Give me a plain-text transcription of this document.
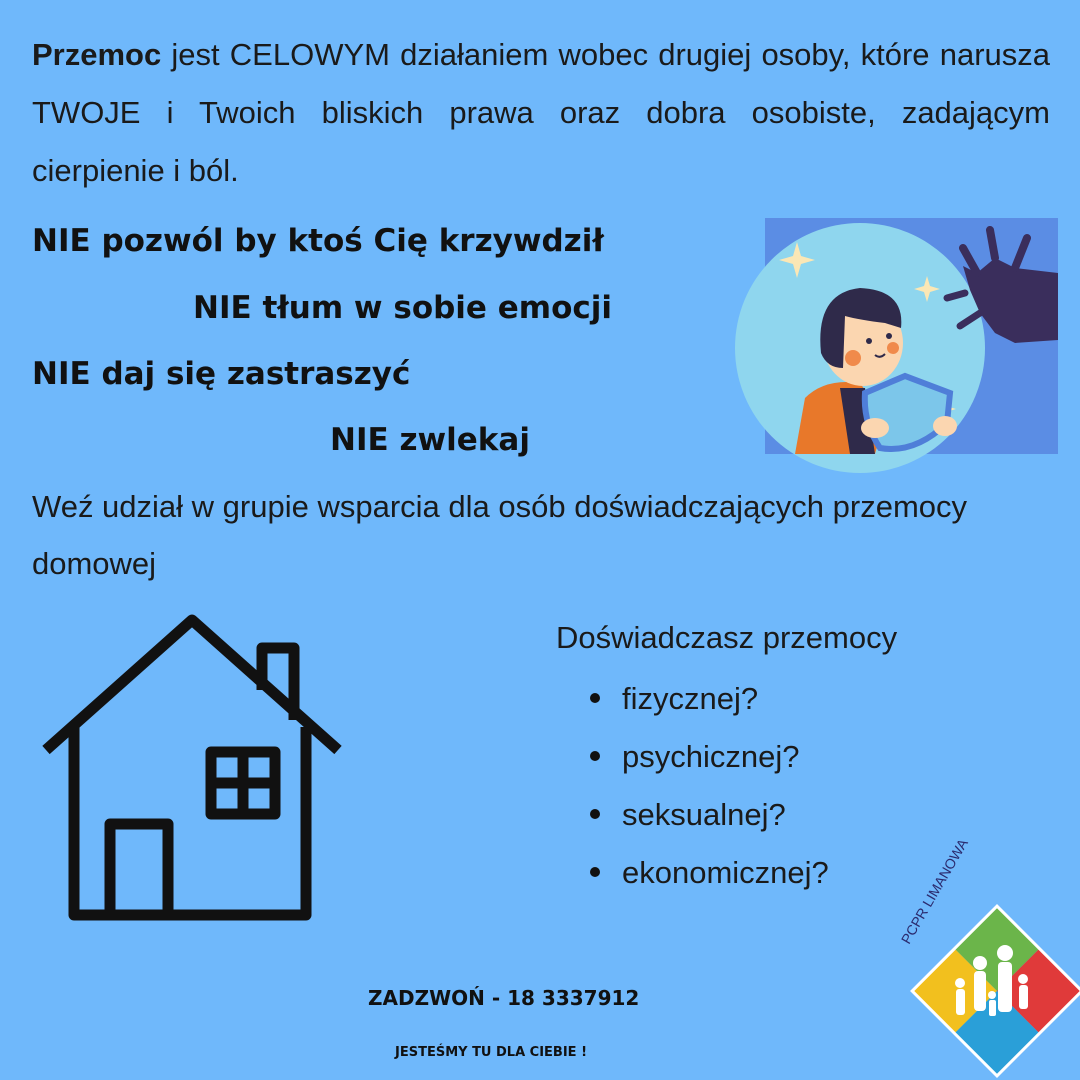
Przemoc jest CELOWYM działaniem wobec drugiej osoby, które narusza TWOJE i Twoich bliskich prawa oraz dobra osobiste, zadającym cierpienie i ból.
NIE pozwól by ktoś Cię krzywdził
NIE tłum w sobie emocji
NIE daj się zastraszyć
NIE zwlekaj
Weź udział w grupie wsparcia dla osób doświadczających przemocy domowej
Doświadczasz przemocy
fizycznej?
psychicznej?
seksualnej?
ekonomicznej?
ZADZWOŃ - 18 3337912
JESTEŚMY TU DLA CIEBIE !
PCPR LIMANOWA
